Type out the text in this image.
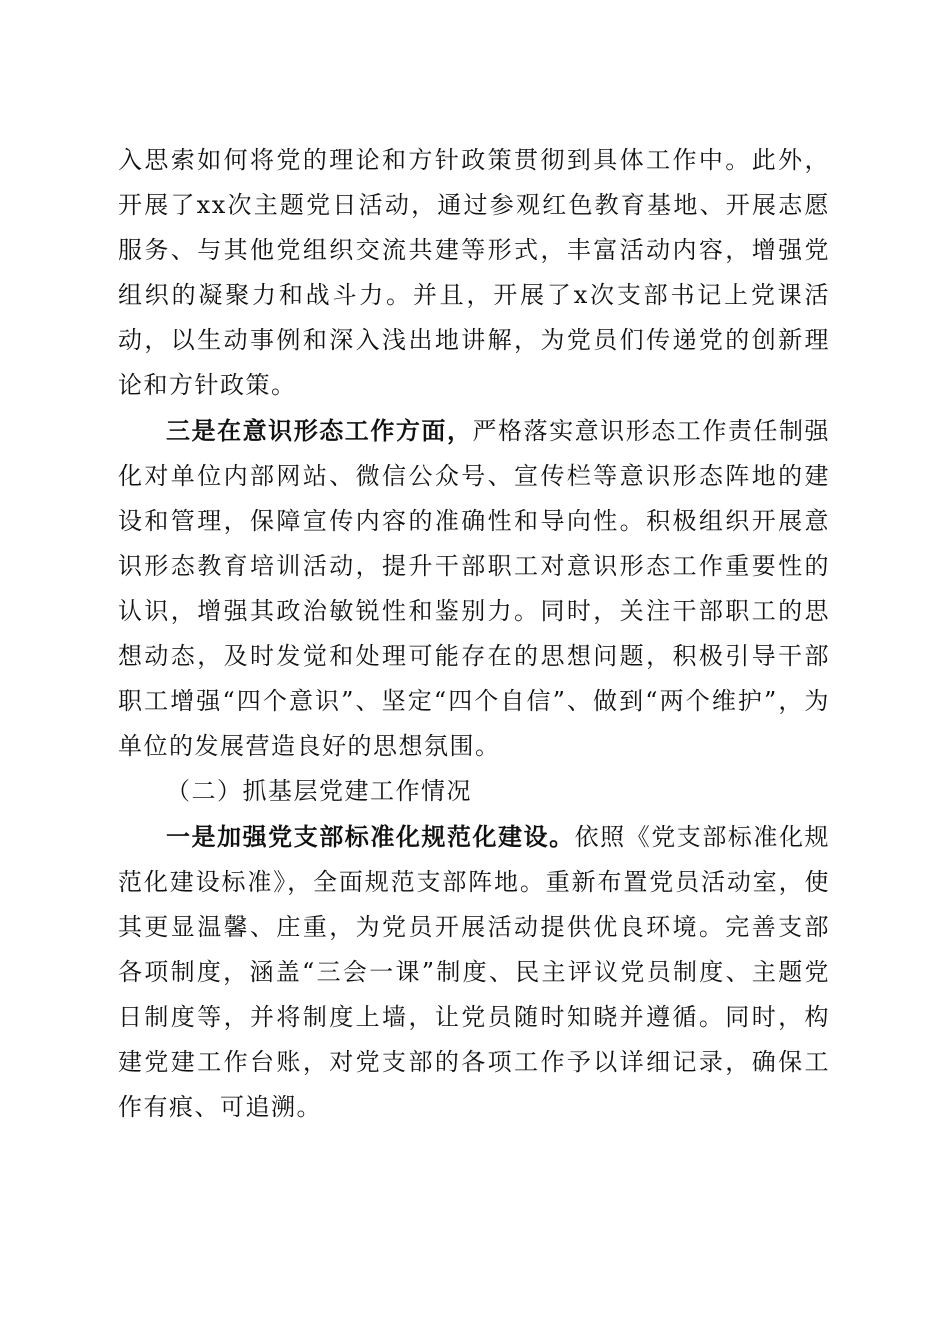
入思索如何将党的理论和方针政策贯彻到具体工作中。此外，开展了xx次主题党日活动，通过参观红色教育基地、开展志愿服务、与其他党组织交流共建等形式，丰富活动内容，增强党组织的凝聚力和战斗力。并且，开展了x次支部书记上党课活动，以生动事例和深入浅出地讲解，为党员们传递党的创新理论和方针政策。

三是在意识形态工作方面，严格落实意识形态工作责任制强化对单位内部网站、微信公众号、宣传栏等意识形态阵地的建设和管理，保障宣传内容的准确性和导向性。积极组织开展意识形态教育培训活动，提升干部职工对意识形态工作重要性的认识，增强其政治敏锐性和鉴别力。同时，关注干部职工的思想动态，及时发觉和处理可能存在的思想问题，积极引导干部职工增强“四个意识”、坚定“四个自信”、做到“两个维护”，为单位的发展营造良好的思想氛围。

（二）抓基层党建工作情况

一是加强党支部标准化规范化建设。依照《党支部标准化规范化建设标准》，全面规范支部阵地。重新布置党员活动室，使其更显温馨、庄重，为党员开展活动提供优良环境。完善支部各项制度，涵盖“三会一课”制度、民主评议党员制度、主题党日制度等，并将制度上墙，让党员随时知晓并遵循。同时，构建党建工作台账，对党支部的各项工作予以详细记录，确保工作有痕、可追溯。
